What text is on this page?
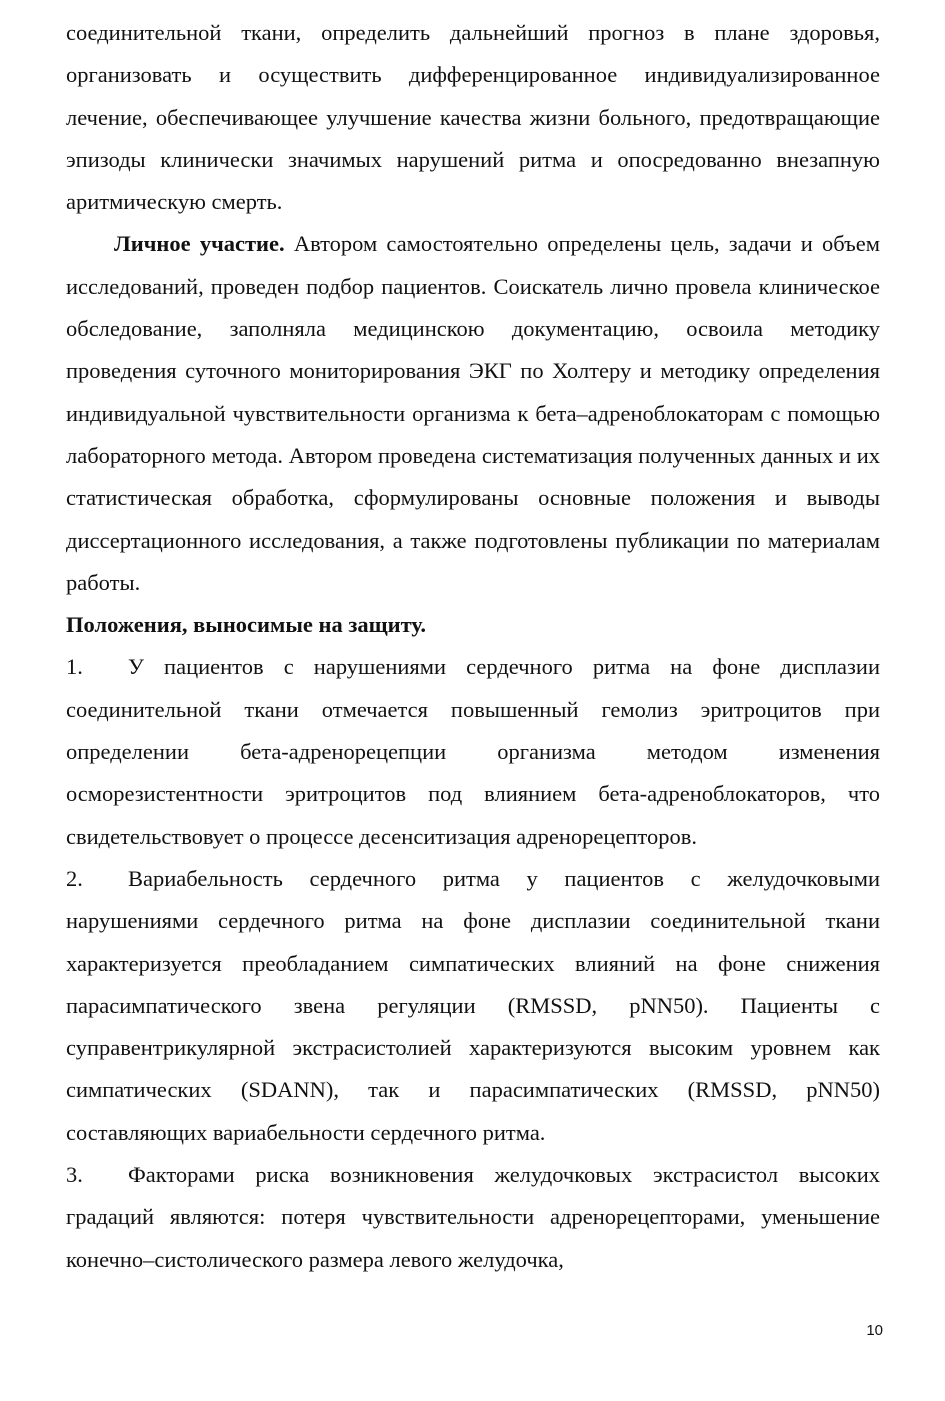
соединительной ткани, определить дальнейший прогноз в плане здоровья, организовать и осуществить дифференцированное индивидуализированное лечение, обеспечивающее улучшение качества жизни больного, предотвращающие эпизоды клинически значимых нарушений ритма и опосредованно внезапную аритмическую смерть.

Личное участие. Автором самостоятельно определены цель, задачи и объем исследований, проведен подбор пациентов. Соискатель лично провела клиническое обследование, заполняла медицинскою документацию, освоила методику проведения суточного мониторирования ЭКГ по Холтеру и методику определения индивидуальной чувствительности организма к бета–адреноблокаторам с помощью лабораторного метода. Автором проведена систематизация полученных данных и их статистическая обработка, сформулированы основные положения и выводы диссертационного исследования, а также подготовлены публикации по материалам работы.

Положения, выносимые на защиту.

1. У пациентов с нарушениями сердечного ритма на фоне дисплазии соединительной ткани отмечается повышенный гемолиз эритроцитов при определении бета-адренорецепции организма методом изменения осморезистентности эритроцитов под влиянием бета-адреноблокаторов, что свидетельствовует о процессе десенситизация адренорецепторов.

2. Вариабельность сердечного ритма у пациентов с желудочковыми нарушениями сердечного ритма на фоне дисплазии соединительной ткани характеризуется преобладанием симпатических влияний на фоне снижения парасимпатического звена регуляции (RMSSD, pNN50). Пациенты с суправентрикулярной экстрасистолией характеризуются высоким уровнем как симпатических (SDANN), так и парасимпатических (RMSSD, pNN50) составляющих вариабельности сердечного ритма.

3. Факторами риска возникновения желудочковых экстрасистол высоких градаций являются: потеря чувствительности адренорецепторами, уменьшение конечно–систолического размера левого желудочка,

10
